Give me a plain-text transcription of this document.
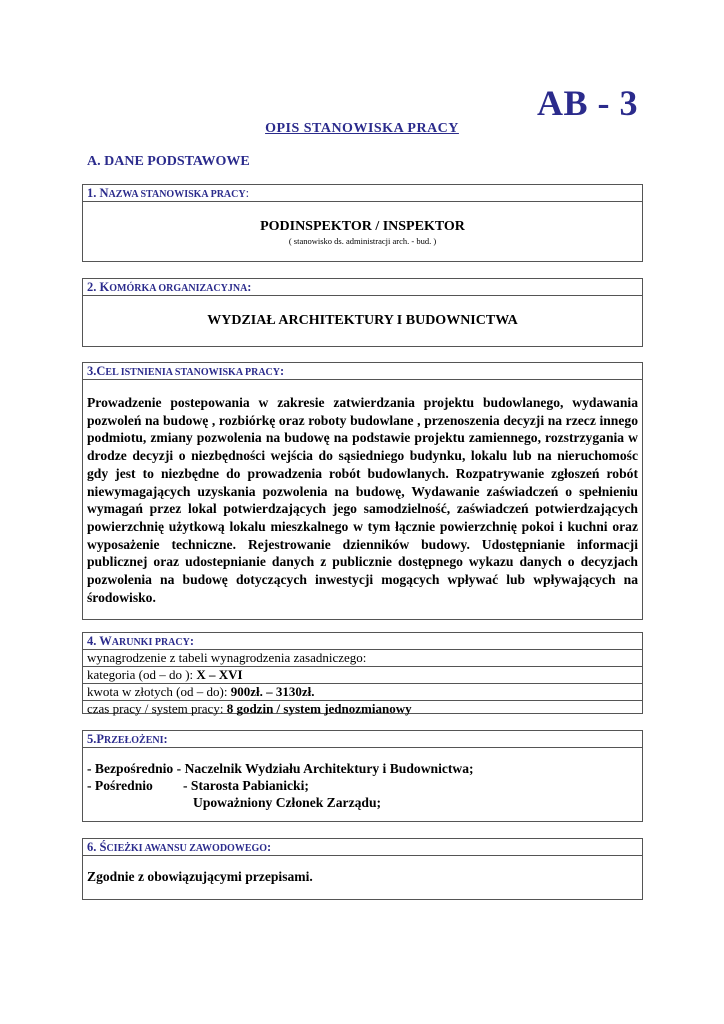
AB - 3
OPIS STANOWISKA PRACY
A. DANE PODSTAWOWE
1. NAZWA STANOWISKA PRACY:
PODINSPEKTOR / INSPEKTOR
( stanowisko ds. administracji arch. - bud. )
2. KOMÓRKA ORGANIZACYJNA:
WYDZIAŁ ARCHITEKTURY I BUDOWNICTWA
3.CEL ISTNIENIA STANOWISKA PRACY:
Prowadzenie postepowania w zakresie zatwierdzania projektu budowlanego, wydawania pozwoleń na budowę , rozbiórkę oraz roboty budowlane , przenoszenia decyzji na rzecz innego podmiotu, zmiany pozwolenia na budowę na podstawie projektu zamiennego, rozstrzygania w drodze decyzji o niezbędności wejścia do sąsiedniego budynku, lokalu lub na nieruchomośc gdy jest to niezbędne do prowadzenia robót budowlanych. Rozpatrywanie zgłoszeń robót niewymagających uzyskania pozwolenia na budowę, Wydawanie zaświadczeń o spełnieniu wymagań przez lokal potwierdzających jego samodzielność, zaświadczeń potwierdzających powierzchnię użytkową lokalu mieszkalnego w tym łącznie powierzchnię pokoi i kuchni oraz wyposażenie techniczne. Rejestrowanie dzienników budowy. Udostępnianie informacji publicznej oraz udostepnianie danych z publicznie dostępnego wykazu danych o decyzjach pozwolenia na budowę dotyczących inwestycji mogących wpływać lub wpływających na środowisko.
4. WARUNKI PRACY:
wynagrodzenie z tabeli wynagrodzenia zasadniczego:
kategoria (od – do ): X – XVI
kwota w złotych (od – do): 900zł. – 3130zł.
czas pracy / system pracy: 8 godzin / system jednozmianowy
5.PRZEŁOŻENI:
- Bezpośrednio - Naczelnik Wydziału Architektury i Budownictwa;
- Pośrednio - Starosta Pabianicki;
Upoważniony Członek Zarządu;
6. ŚCIEŻKI AWANSU ZAWODOWEGO:
Zgodnie z obowiązującymi przepisami.
